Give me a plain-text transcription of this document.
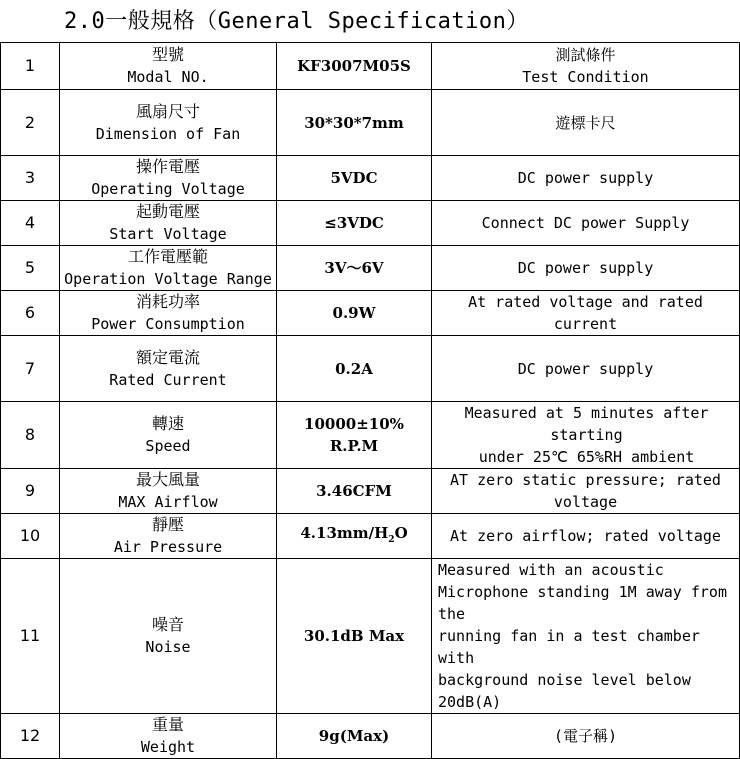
2.0一般規格（General Specification）
1	型號
Modal NO.	KF3007M05S	測試條件
Test Condition
2	風扇尺寸
Dimension of Fan	30*30*7mm	遊標卡尺
3	操作電壓
Operating Voltage	5VDC	DC power supply
4	起動電壓
Start Voltage	≤3VDC	Connect DC power Supply
5	工作電壓範
Operation Voltage Range	3V～6V	DC power supply
6	消耗功率
Power Consumption	0.9W	At rated voltage and rated current
7	額定電流
Rated Current	0.2A	DC power supply
8	轉速
Speed	10000±10%
R.P.M	Measured at 5 minutes after starting
under 25℃ 65%RH ambient
9	最大風量
MAX Airflow	3.46CFM	AT zero static pressure; rated
voltage
10	靜壓
Air Pressure	$4.13mm/H_2O$	At zero airflow; rated voltage
11	噪音
Noise	30.1dB Max	Measured with an acoustic
Microphone standing 1M away from the
running fan in a test chamber with
background noise level below 20dB(A)
12	重量
Weight	9g(Max)	(電子稱)
